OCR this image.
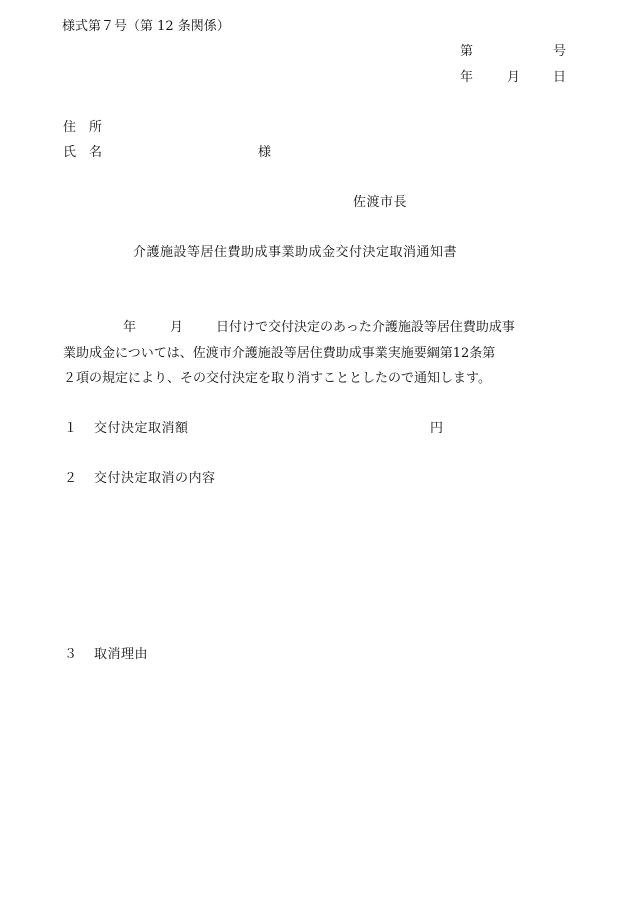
様式第７号（第 12 条関係）
第	号
年	月	日
住　所
氏　名	様
佐渡市長
介護施設等居住費助成事業助成金交付決定取消通知書
年	月	日付けで交付決定のあった介護施設等居住費助成事
業助成金については、佐渡市介護施設等居住費助成事業実施要綱第12条第
２項の規定により、その交付決定を取り消すこととしたので通知します。
１ 交付決定取消額	円
２ 交付決定取消の内容
３ 取消理由
